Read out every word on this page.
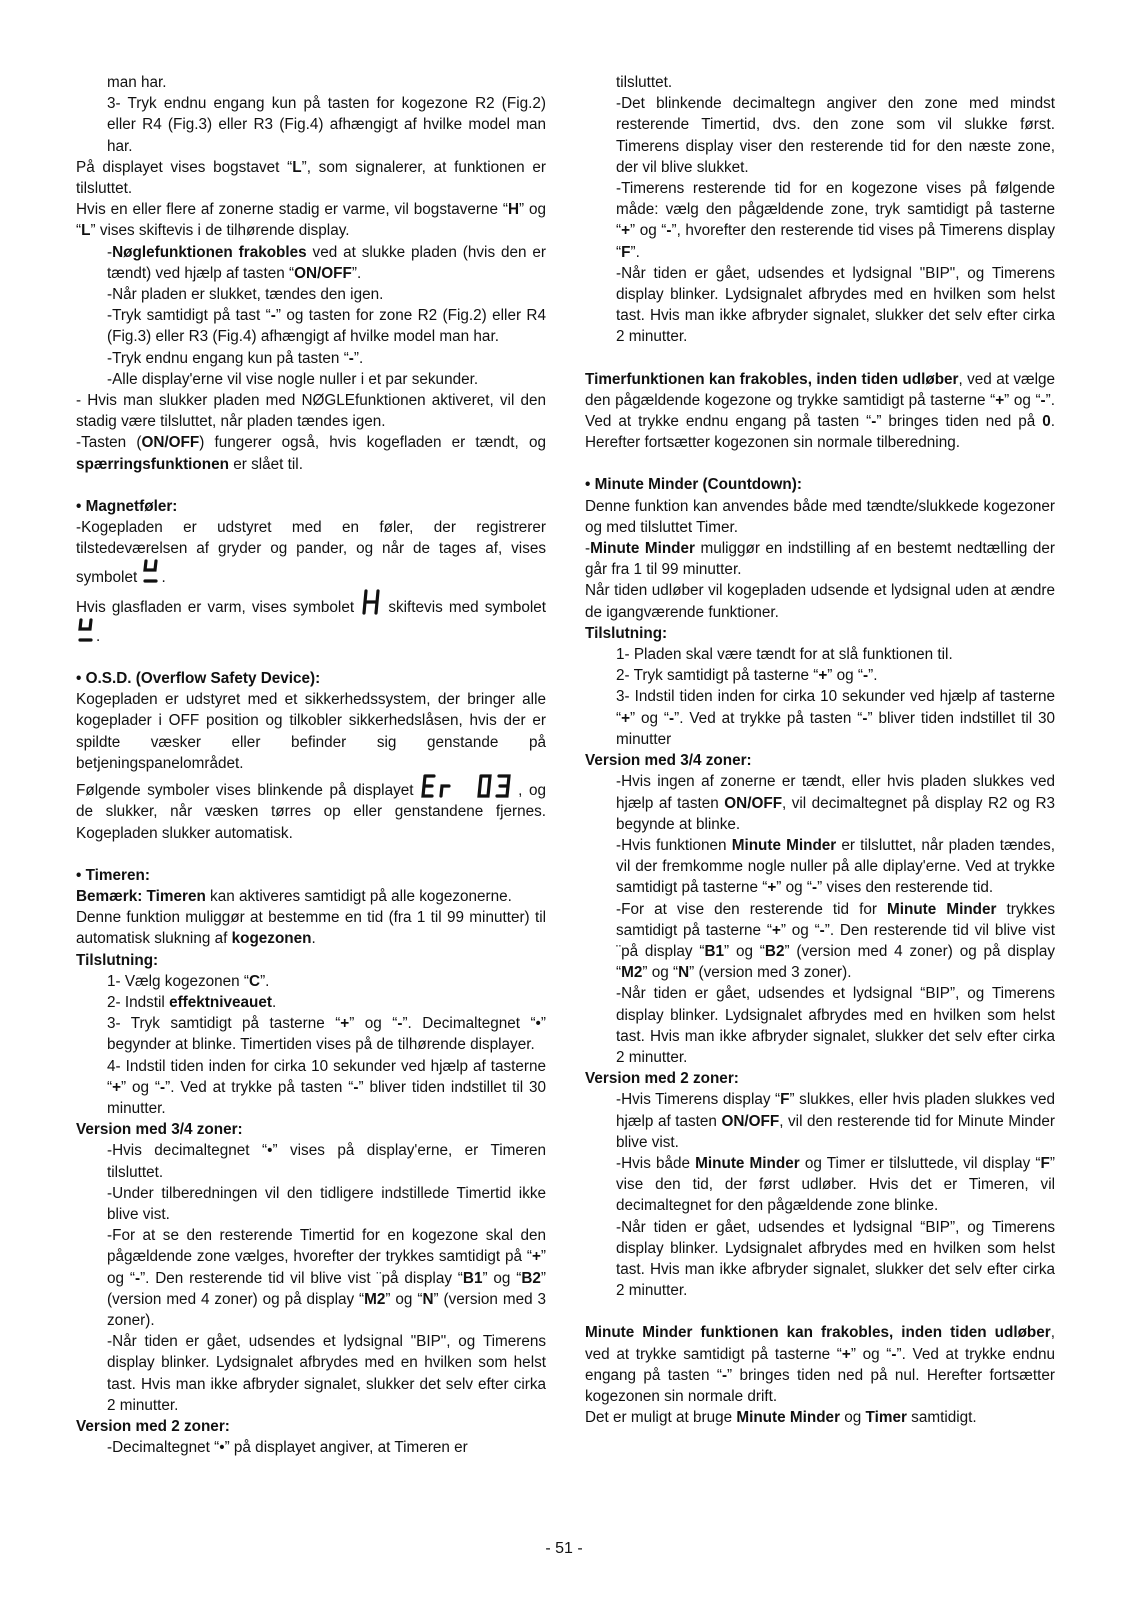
man har.

3- Tryk endnu engang kun på tasten for kogezone R2 (Fig.2) eller R4 (Fig.3) eller R3 (Fig.4) afhængigt af hvilke model man har.

På displayet vises bogstavet “L”, som signalerer, at funktionen er tilsluttet.

Hvis en eller flere af zonerne stadig er varme, vil bogstaverne “H” og “L” vises skiftevis i de tilhørende display.

-Nøglefunktionen frakobles ved at slukke pladen (hvis den er tændt) ved hjælp af tasten “ON/OFF”.

-Når pladen er slukket, tændes den igen.

-Tryk samtidigt på tast “-” og tasten for zone R2 (Fig.2) eller R4 (Fig.3) eller R3 (Fig.4) afhængigt af hvilke model man har.

-Tryk endnu engang kun på tasten “-”.

-Alle display'erne vil vise nogle nuller i et par sekunder.

- Hvis man slukker pladen med NØGLEfunktionen aktiveret, vil den stadig være tilsluttet, når pladen tændes igen.

-Tasten (ON/OFF) fungerer også, hvis kogefladen er tændt, og spærringsfunktionen er slået til.

• Magnetføler:

-Kogepladen er udstyret med en føler, der registrerer tilstedeværelsen af gryder og pander, og når de tages af, vises symbolet .

Hvis glasfladen er varm, vises symbolet  skiftevis med symbolet .

• O.S.D. (Overflow Safety Device):

Kogepladen er udstyret med et sikkerhedssystem, der bringer alle kogeplader i OFF position og tilkobler sikkerhedslåsen, hvis der er spildte væsker eller befinder sig genstande på betjeningspanelområdet.

Følgende symboler vises blinkende på displayet	, og de slukker, når væsken tørres op eller genstandene fjernes. Kogepladen slukker automatisk.

• Timeren:

Bemærk: Timeren kan aktiveres samtidigt på alle kogezonerne.

Denne funktion muliggør at bestemme en tid (fra 1 til 99 minutter) til automatisk slukning af kogezonen.

Tilslutning:

1- Vælg kogezonen “C”.

2- Indstil effektniveauet.

3- Tryk samtidigt på tasterne “+” og “-”. Decimaltegnet “•” begynder at blinke. Timertiden vises på de tilhørende displayer.

4- Indstil tiden inden for cirka 10 sekunder ved hjælp af tasterne “+” og “-”. Ved at trykke på tasten “-” bliver tiden indstillet til 30 minutter.

Version med 3/4 zoner:

-Hvis decimaltegnet “•” vises på display'erne, er Timeren tilsluttet.

-Under tilberedningen vil den tidligere indstillede Timertid ikke blive vist.

-For at se den resterende Timertid for en kogezone skal den pågældende zone vælges, hvorefter der trykkes samtidigt på “+” og “-”. Den resterende tid vil blive vist ¨på display “B1” og “B2” (version med 4 zoner) og på display “M2” og “N” (version med 3 zoner).

-Når tiden er gået, udsendes et lydsignal "BIP", og Timerens display blinker. Lydsignalet afbrydes med en hvilken som helst tast. Hvis man ikke afbryder signalet, slukker det selv efter cirka 2 minutter.

Version med 2 zoner:

-Decimaltegnet “•” på displayet angiver, at Timeren er

tilsluttet.

-Det blinkende decimaltegn angiver den zone med mindst resterende Timertid, dvs. den zone som vil slukke først. Timerens display viser den resterende tid for den næste zone, der vil blive slukket.

-Timerens resterende tid for en kogezone vises på følgende måde: vælg den pågældende zone, tryk samtidigt på tasterne “+” og “-”, hvorefter den resterende tid vises på Timerens display “F”.

-Når tiden er gået, udsendes et lydsignal "BIP", og Timerens display blinker. Lydsignalet afbrydes med en hvilken som helst tast. Hvis man ikke afbryder signalet, slukker det selv efter cirka 2 minutter.

Timerfunktionen kan frakobles, inden tiden udløber, ved at vælge den pågældende kogezone og trykke samtidigt på tasterne “+” og “-”. Ved at trykke endnu engang på tasten “-” bringes tiden ned på 0. Herefter fortsætter kogezonen sin normale tilberedning.

• Minute Minder (Countdown):

Denne funktion kan anvendes både med tændte/slukkede kogezoner og med tilsluttet Timer.

-Minute Minder muliggør en indstilling af en bestemt nedtælling der går fra 1 til 99 minutter.

Når tiden udløber vil kogepladen udsende et lydsignal uden at ændre de igangværende funktioner.

Tilslutning:

1- Pladen skal være tændt for at slå funktionen til.

2- Tryk samtidigt på tasterne “+” og “-”.

3- Indstil tiden inden for cirka 10 sekunder ved hjælp af tasterne “+” og “-”. Ved at trykke på tasten “-” bliver tiden indstillet til 30 minutter

Version med 3/4 zoner:

-Hvis ingen af zonerne er tændt, eller hvis pladen slukkes ved hjælp af tasten ON/OFF, vil decimaltegnet på display R2 og R3 begynde at blinke.

-Hvis funktionen Minute Minder er tilsluttet, når pladen tændes, vil der fremkomme nogle nuller på alle diplay'erne. Ved at trykke samtidigt på tasterne “+” og “-” vises den resterende tid.

-For at vise den resterende tid for Minute Minder trykkes samtidigt på tasterne “+” og “-”. Den resterende tid vil blive vist ¨på display “B1” og “B2” (version med 4 zoner) og på display “M2” og “N” (version med 3 zoner).

-Når tiden er gået, udsendes et lydsignal “BIP”, og Timerens display blinker. Lydsignalet afbrydes med en hvilken som helst tast. Hvis man ikke afbryder signalet, slukker det selv efter cirka 2 minutter.

Version med 2 zoner:

-Hvis Timerens display “F” slukkes, eller hvis pladen slukkes ved hjælp af tasten ON/OFF, vil den resterende tid for Minute Minder blive vist.

-Hvis både Minute Minder og Timer er tilsluttede, vil display “F” vise den tid, der først udløber. Hvis det er Timeren, vil decimaltegnet for den pågældende zone blinke.

-Når tiden er gået, udsendes et lydsignal “BIP”, og Timerens display blinker. Lydsignalet afbrydes med en hvilken som helst tast. Hvis man ikke afbryder signalet, slukker det selv efter cirka 2 minutter.

Minute Minder funktionen kan frakobles, inden tiden udløber, ved at trykke samtidigt på tasterne “+” og “-”. Ved at trykke endnu engang på tasten “-” bringes tiden ned på nul. Herefter fortsætter kogezonen sin normale drift.

Det er muligt at bruge Minute Minder og Timer samtidigt.

- 51 -
